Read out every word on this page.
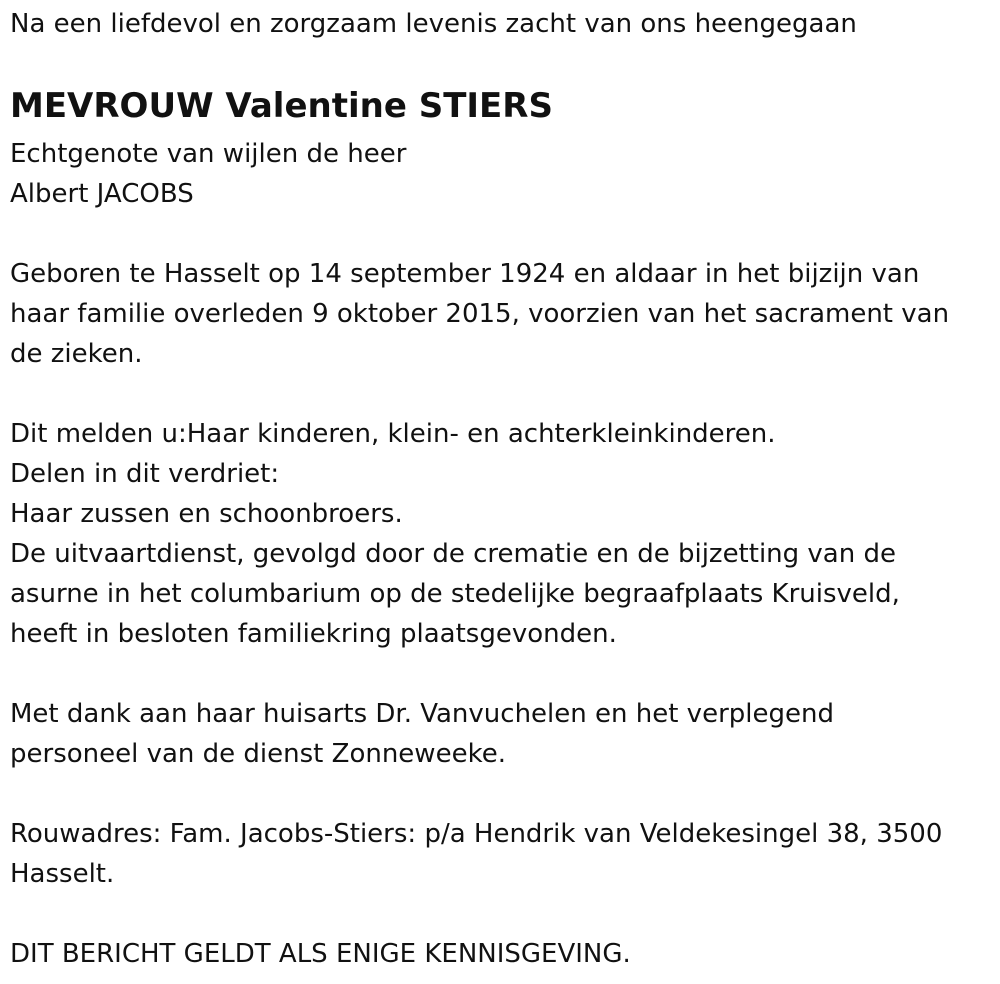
Na een liefdevol en zorgzaam levenis zacht van ons heengegaan
MEVROUW Valentine STIERS
Echtgenote van wijlen de heer
Albert JACOBS
Geboren te Hasselt op 14 september 1924 en aldaar in het bijzijn van
haar familie overleden 9 oktober 2015, voorzien van het sacrament van
de zieken.
Dit melden u:Haar kinderen, klein- en achterkleinkinderen.
Delen in dit verdriet:
Haar zussen en schoonbroers.
De uitvaartdienst, gevolgd door de crematie en de bijzetting van de
asurne in het columbarium op de stedelijke begraafplaats Kruisveld,
heeft in besloten familiekring plaatsgevonden.
Met dank aan haar huisarts Dr. Vanvuchelen en het verplegend
personeel van de dienst Zonneweeke.
Rouwadres: Fam. Jacobs-Stiers: p/a Hendrik van Veldekesingel 38, 3500
Hasselt.
DIT BERICHT GELDT ALS ENIGE KENNISGEVING.
